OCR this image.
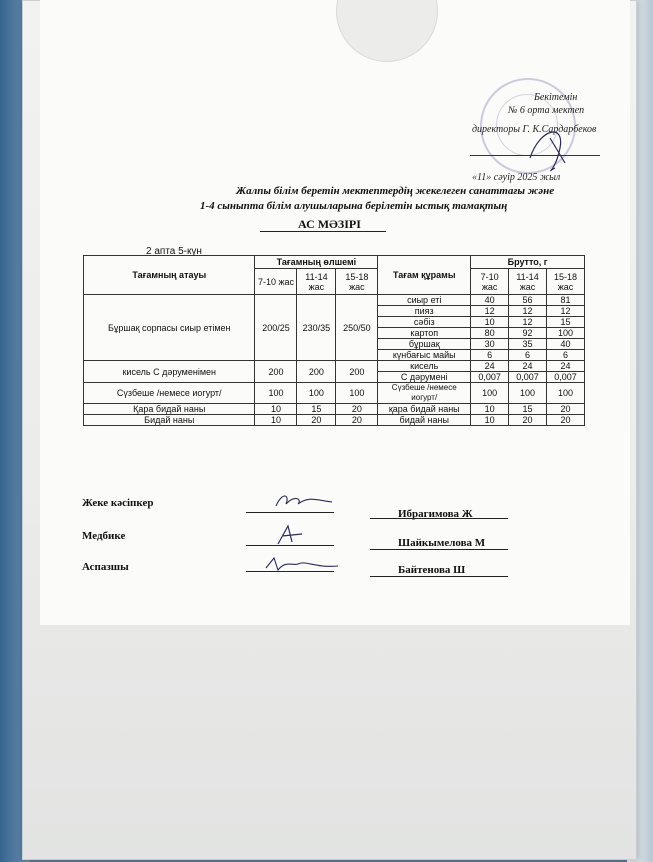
Бекітемін
№ 6 орта мектеп
директоры Г. К.Сардарбеков
«11» сәуір 2025 жыл
Жалпы білім беретін мектептердің жекелеген санаттағы және
1-4 сыныпта білім алушыларына берілетін ыстық тамақтың
АС МӘЗІРІ
2 апта 5-күн
Тағамның атауы	Тағамның өлшемі			Тағам құрамы	Брутто, г		
	7-10 жас	11-14 жас	15-18 жас		7-10 жас	11-14 жас	15-18 жас
Бұршақ сорпасы сиыр етімен	200/25	230/35	250/50	сиыр еті	40	56	81
				пияз	12	12	12
				сәбіз	10	12	15
				картоп	80	92	100
				бұршақ	30	35	40
				күнбағыс майы	6	6	6
кисель С дәруменімен	200	200	200	кисель	24	24	24
				С дәрумені	0,007	0,007	0,007
Сүзбеше /немесе иогурт/	100	100	100	Сүзбеше /немесе иогурт/	100	100	100
Қара бидай наны	10	15	20	қара бидай наны	10	15	20
Бидай наны	10	20	20	бидай наны	10	20	20
Жеке кәсіпкер
Ибрагимова Ж
Медбике
Шайкымелова М
Аспазшы	Байтенова Ш
